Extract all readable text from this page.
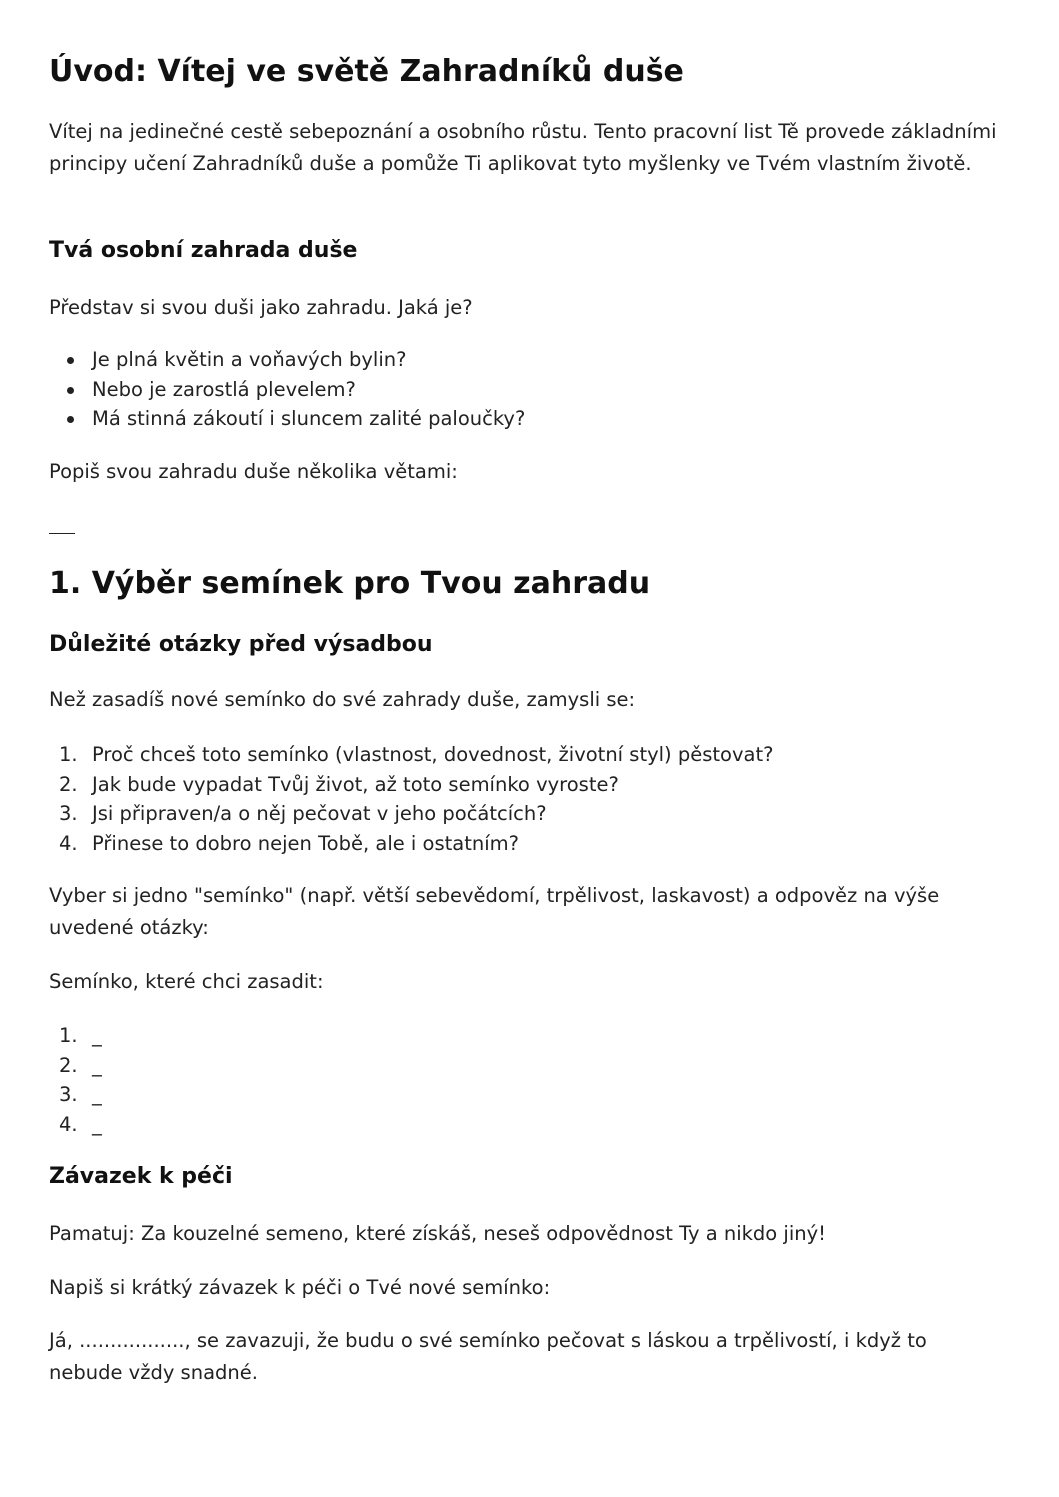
Úvod: Vítej ve světě Zahradníků duše

Vítej na jedinečné cestě sebepoznání a osobního růstu. Tento pracovní list Tě provede základními principy učení Zahradníků duše a pomůže Ti aplikovat tyto myšlenky ve Tvém vlastním životě.

Tvá osobní zahrada duše

Představ si svou duši jako zahradu. Jaká je?

Je plná květin a voňavých bylin?
Nebo je zarostlá plevelem?
Má stinná zákoutí i sluncem zalité paloučky?

Popiš svou zahradu duše několika větami:

1. Výběr semínek pro Tvou zahradu
Důležité otázky před výsadbou

Než zasadíš nové semínko do své zahrady duše, zamysli se:

1. Proč chceš toto semínko (vlastnost, dovednost, životní styl) pěstovat?
2. Jak bude vypadat Tvůj život, až toto semínko vyroste?
3. Jsi připraven/a o něj pečovat v jeho počátcích?
4. Přinese to dobro nejen Tobě, ale i ostatním?

Vyber si jedno "semínko" (např. větší sebevědomí, trpělivost, laskavost) a odpověz na výše uvedené otázky:

Semínko, které chci zasadit:

1. _
2. _
3. _
4. _
Závazek k péči

Pamatuj: Za kouzelné semeno, které získáš, neseš odpovědnost Ty a nikdo jiný!

Napiš si krátký závazek k péči o Tvé nové semínko:

Já, ................., se zavazuji, že budu o své semínko pečovat s láskou a trpělivostí, i když to nebude vždy snadné.
